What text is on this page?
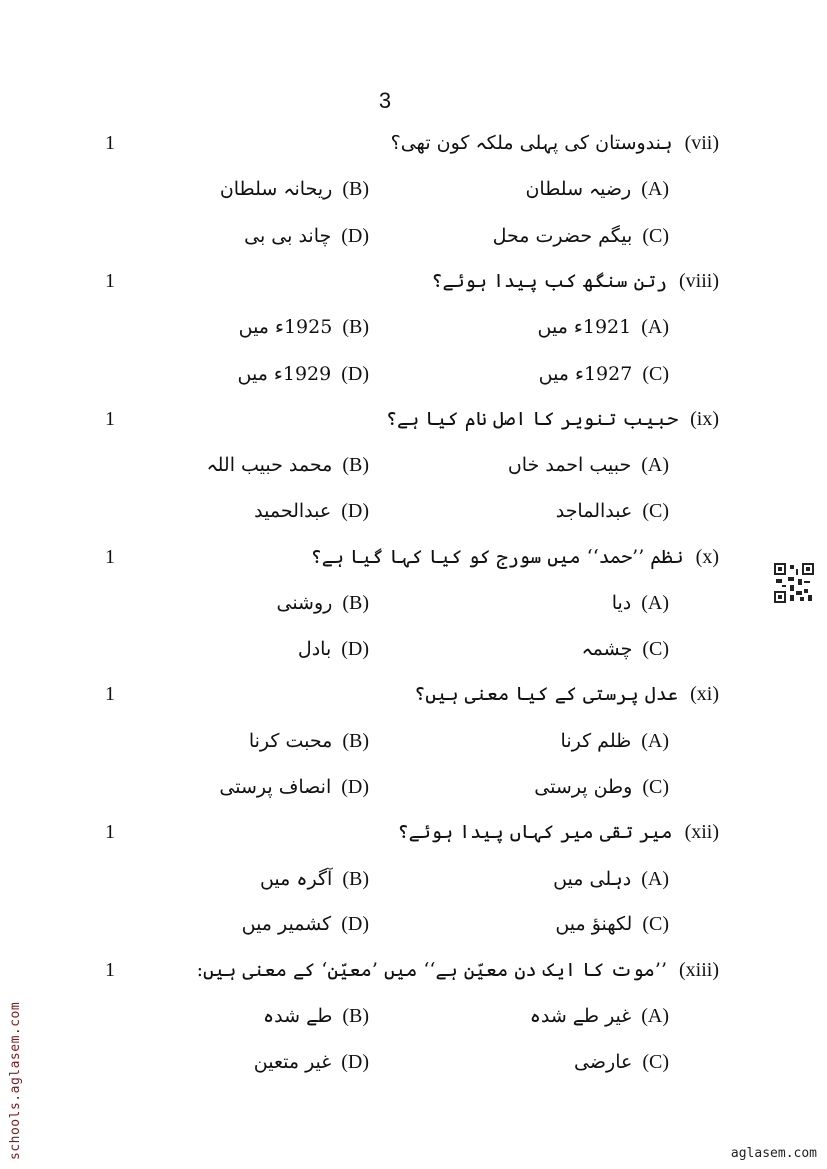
3
1	ہندوستان کی پہلی ملکہ کون تھی؟ (vii)
رضیہ سلطان (A)
ریحانہ سلطان (B)
بیگم حضرت محل (C)
چاند بی بی (D)
1	رتن سنگھ کب پیدا ہوئے؟ (viii)
1921ء میں (A)
1925ء میں (B)
1927ء میں (C)
1929ء میں (D)
1	حبیب تنویر کا اصل نام کیا ہے؟ (ix)
حبیب احمد خاں (A)
محمد حبیب اللہ (B)
عبدالماجد (C)
عبدالحمید (D)
1	نظم ’’حمد‘‘ میں سورج کو کیا کہا گیا ہے؟ (x)
دیا (A)
روشنی (B)
چشمہ (C)
بادل (D)
1	عدل پرستی کے کیا معنی ہیں؟ (xi)
ظلم کرنا (A)
محبت کرنا (B)
وطن پرستی (C)
انصاف پرستی (D)
1	میر تقی میر کہاں پیدا ہوئے؟ (xii)
دہلی میں (A)
آگرہ میں (B)
لکھنؤ میں (C)
کشمیر میں (D)
1	’’موت کا ایک دن معیّن ہے‘‘ میں ’معیّن‘ کے معنی ہیں: (xiii)
غیر طے شدہ (A)
طے شدہ (B)
عارضی (C)
غیر متعین (D)
schools.aglasem.com	aglasem.com
